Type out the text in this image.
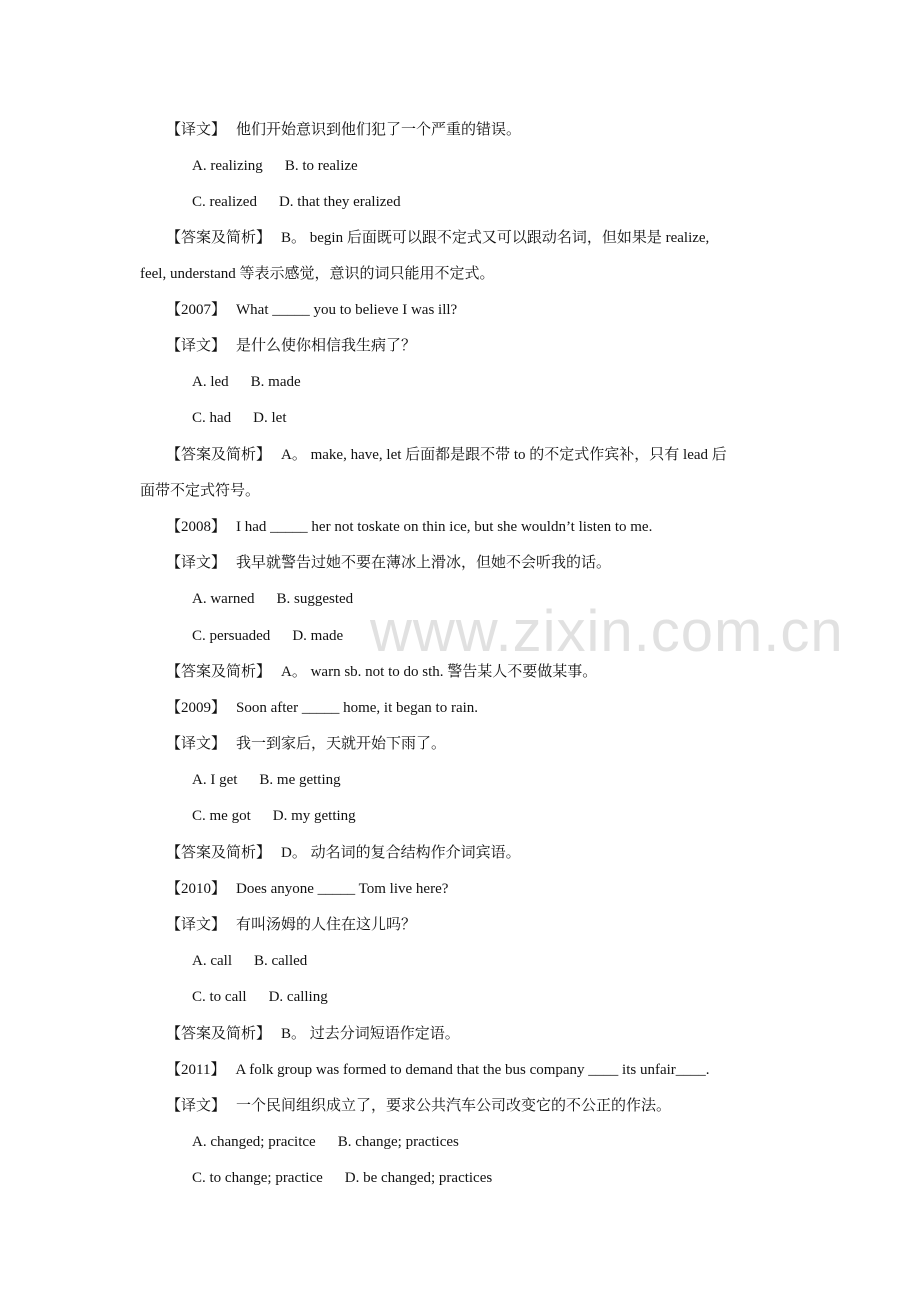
www.zixin.com.cn
【译文】 他们开始意识到他们犯了一个严重的错误。
A. realizing B. to realize
C. realized D. that they eralized
【答案及简析】 B。 begin 后面既可以跟不定式又可以跟动名词，但如果是 realize,
feel, understand 等表示感觉，意识的词只能用不定式。
【2007】 What _____ you to believe I was ill?
【译文】 是什么使你相信我生病了？
A. led B. made
C. had D. let
【答案及简析】 A。 make, have, let 后面都是跟不带 to 的不定式作宾补，只有 lead 后
面带不定式符号。
【2008】 I had _____ her not toskate on thin ice, but she wouldn’t listen to me.
【译文】 我早就警告过她不要在薄冰上滑冰，但她不会听我的话。
A. warned B. suggested
C. persuaded D. made
【答案及简析】 A。 warn sb. not to do sth. 警告某人不要做某事。
【2009】 Soon after _____ home, it began to rain.
【译文】 我一到家后，天就开始下雨了。
A. I get B. me getting
C. me got D. my getting
【答案及简析】 D。 动名词的复合结构作介词宾语。
【2010】 Does anyone _____ Tom live here?
【译文】 有叫汤姆的人住在这儿吗？
A. call B. called
C. to call D. calling
【答案及简析】 B。 过去分词短语作定语。
【2011】 A folk group was formed to demand that the bus company ____ its unfair____.
【译文】 一个民间组织成立了，要求公共汽车公司改变它的不公正的作法。
A. changed; pracitce B. change; practices
C. to change; practice D. be changed; practices
